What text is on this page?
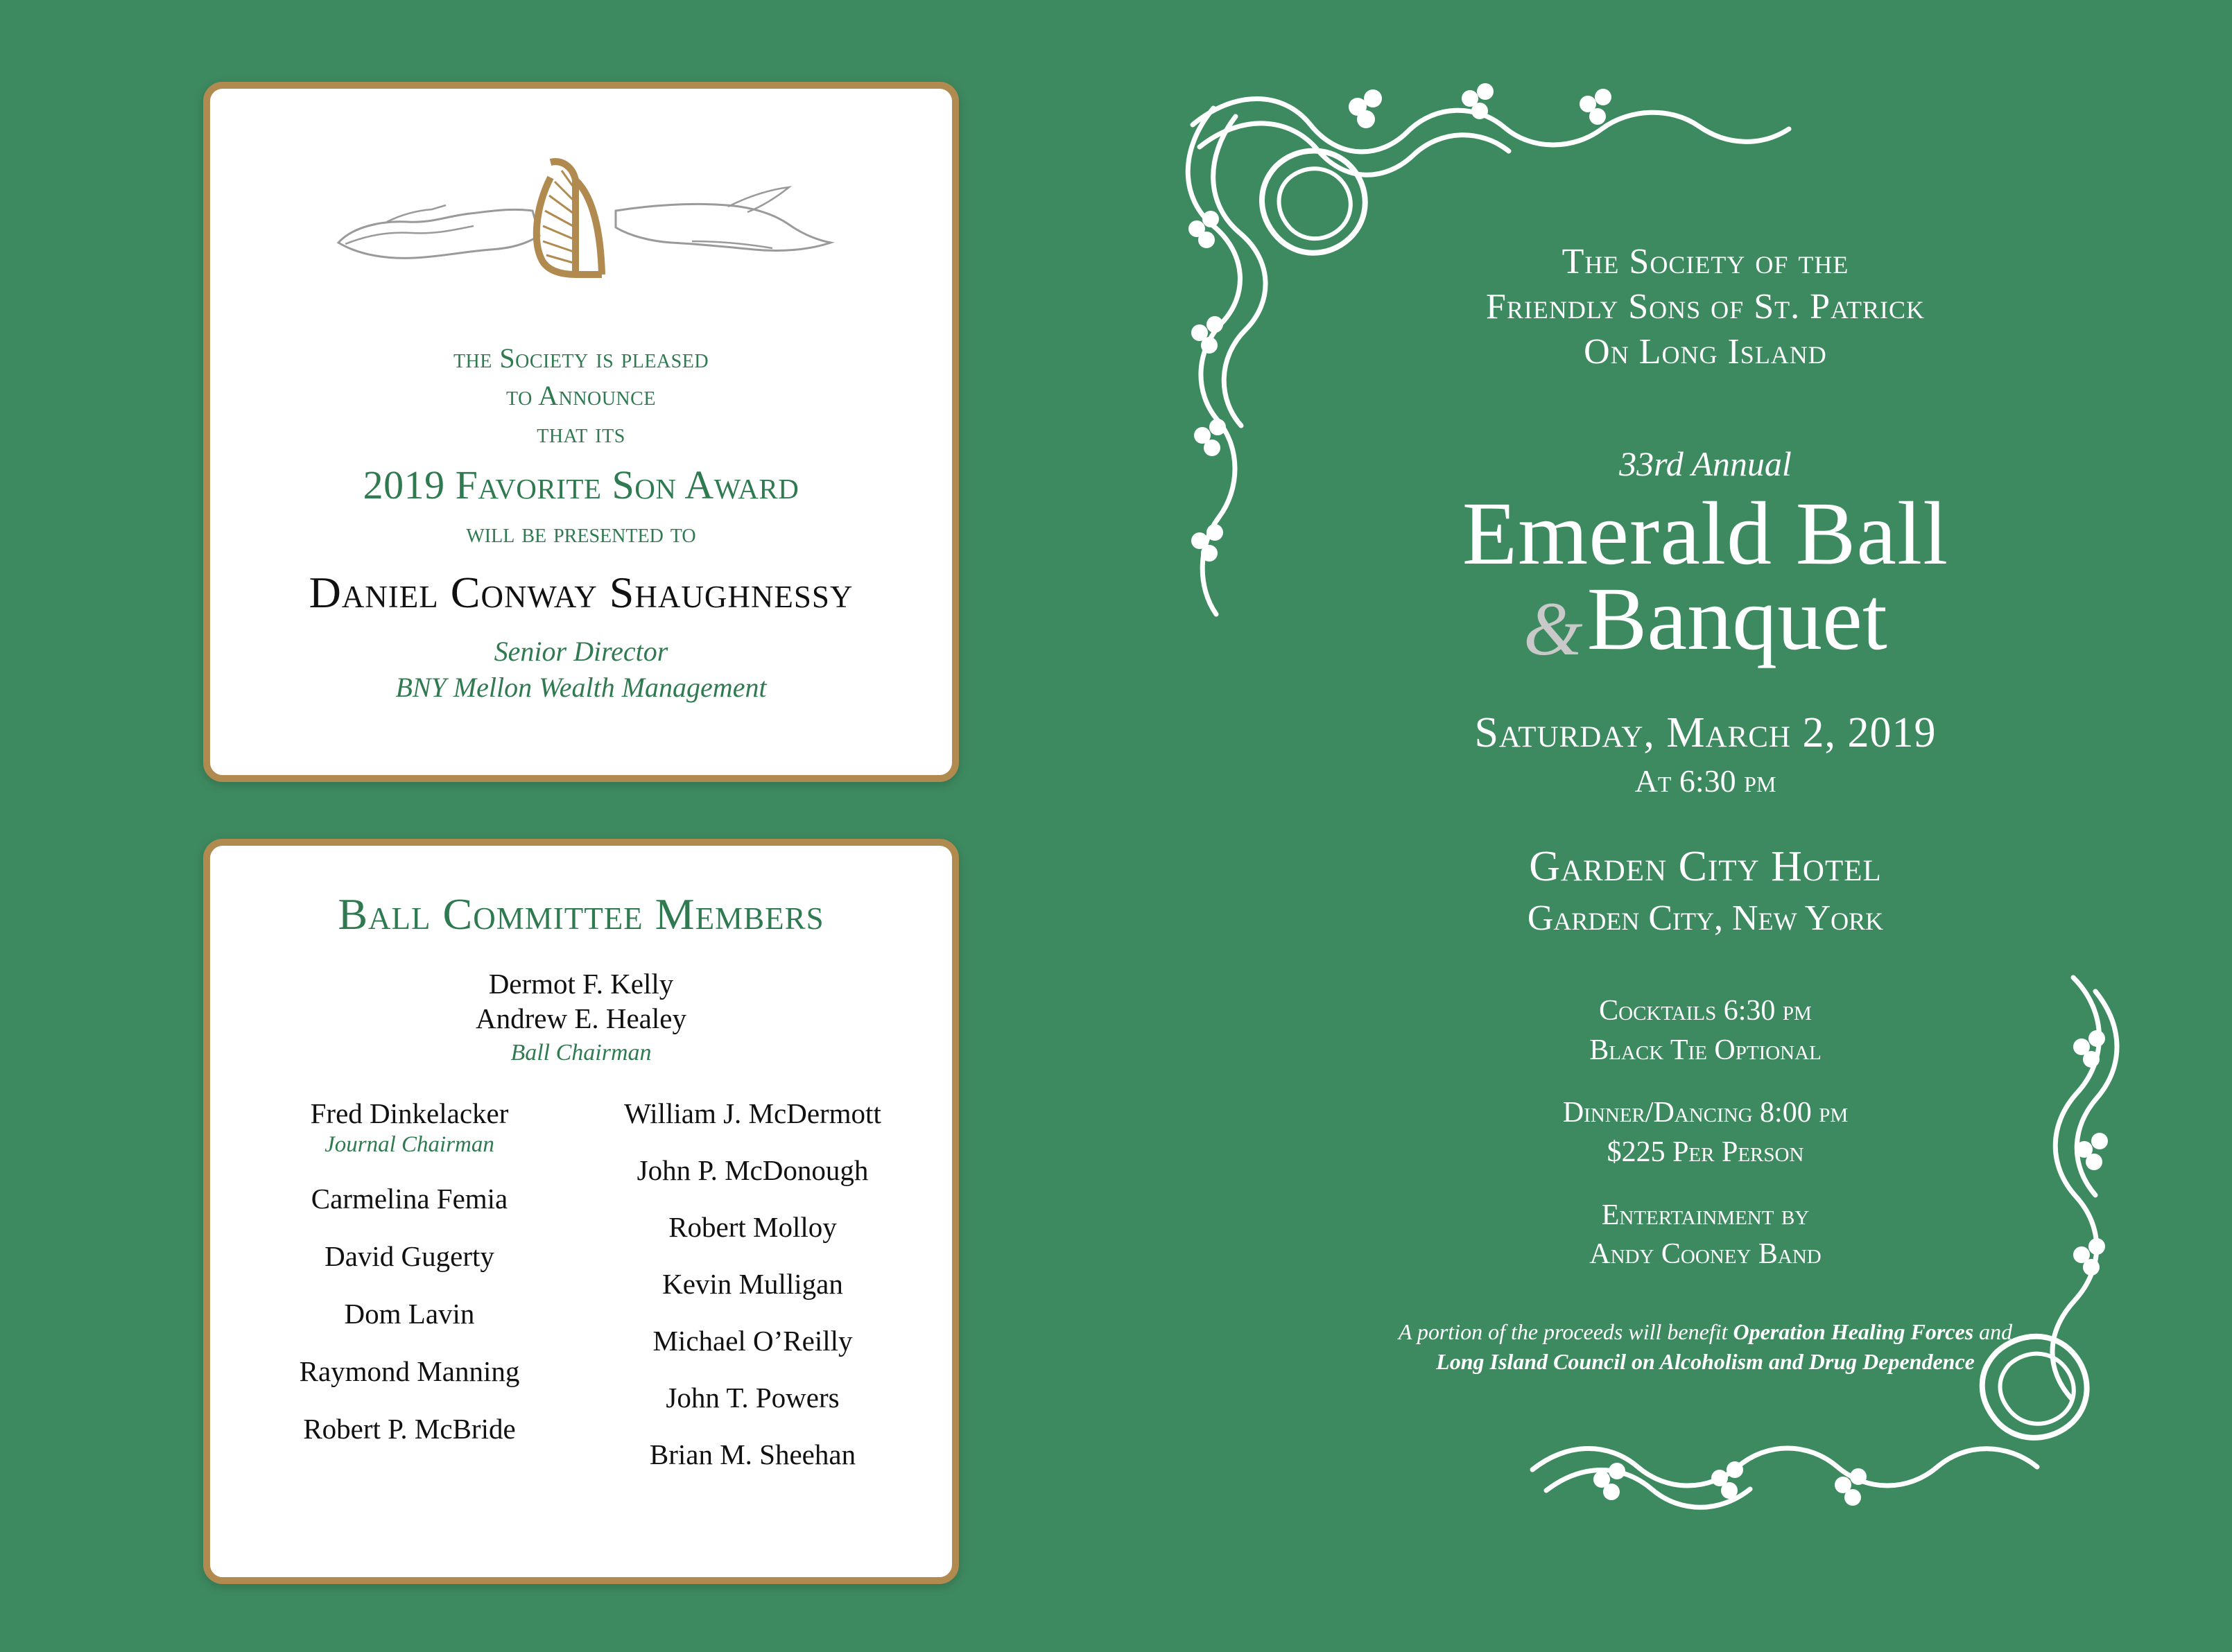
the Society is pleased
to Announce
that its
2019 Favorite Son Award
will be presented to
Daniel Conway Shaughnessy
Senior Director
BNY Mellon Wealth Management
Ball Committee Members
Dermot F. Kelly
Andrew E. Healey
Ball Chairman
Fred Dinkelacker
Journal Chairman
Carmelina Femia
David Gugerty
Dom Lavin
Raymond Manning
Robert P. McBride
William J. McDermott
John P. McDonough
Robert Molloy
Kevin Mulligan
Michael O’Reilly
John T. Powers
Brian M. Sheehan
The Society of the
Friendly Sons of St. Patrick
On Long Island
33rd Annual
Emerald Ball
&Banquet
Saturday, March 2, 2019
At 6:30 pm
Garden City Hotel
Garden City, New York
Cocktails 6:30 pm
Black Tie Optional
Dinner/Dancing 8:00 pm
$225 Per Person
Entertainment by
Andy Cooney Band
A portion of the proceeds will benefit Operation Healing Forces and
Long Island Council on Alcoholism and Drug Dependence
